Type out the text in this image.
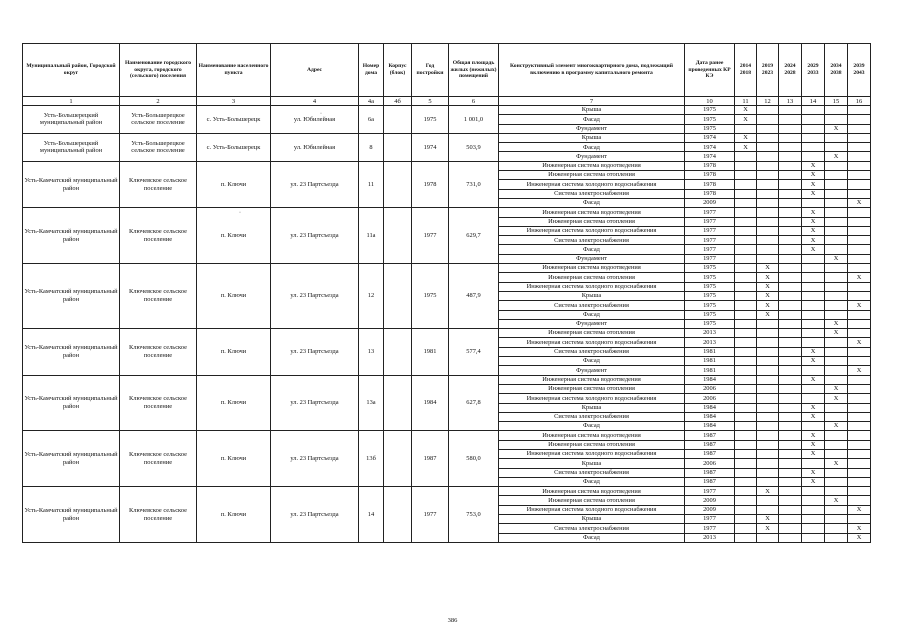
Муниципальный район, Городской округ	Наименование городского округа, городского (сельского) поселения	Наименование населенного пункта	Адрес	Номер дома	Корпус (блок)	Год постройки	Общая площадь жилых (нежилых) помещений	Конструктивный элемент многоквартирного дома, подлежащий включению в программу капитального ремонта	Дата ранее проведенных КР КЭ	2014 2018	2019 2023	2024 2028	2029 2033	2034 2038	2039 2043
1	2	3	4	4а	4б	5	6	7	10	11	12	13	14	15	16
Усть-Большерецкий муниципальный район	Усть-Большерецкое сельское поселение	с. Усть-Большерецк	ул. Юбилейная	6а		1975	1 001,0	Крыша	1975	X					
								Фасад	1975	X					
								Фундамент	1975					X	
Усть-Большерецкий муниципальный район	Усть-Большерецкое сельское поселение	с. Усть-Большерецк	ул. Юбилейная	8		1974	503,9	Крыша	1974	X					
								Фасад	1974	X					
								Фундамент	1974					X	
Усть-Камчатский муниципальный район	Ключевское сельское поселение	п. Ключи	ул. 23 Партсъезда	11		1978	731,0	Инженерная система водоотведения	1978				X		
								Инженерная система отопления	1978				X		
								Инженерная система холодного водоснабжения	1978				X		
								Система электроснабжения	1978				X		
								Фасад	2009						X
Усть-Камчатский муниципальный район	Ключевское сельское поселение	п. Ключи	ул. 23 Партсъезда	11а		1977	629,7	Инженерная система водоотведения	1977				X		
								Инженерная система отопления	1977				X		
								Инженерная система холодного водоснабжения	1977				X		
								Система электроснабжения	1977				X		
								Фасад	1977				X		
								Фундамент	1977					X	
Усть-Камчатский муниципальный район	Ключевское сельское поселение	п. Ключи	ул. 23 Партсъезда	12		1975	487,9	Инженерная система водоотведения	1975		X				
								Инженерная система отопления	1975		X				X
								Инженерная система холодного водоснабжения	1975		X				
								Крыша	1975		X				
								Система электроснабжения	1975		X				X
								Фасад	1975		X				
								Фундамент	1975					X	
Усть-Камчатский муниципальный район	Ключевское сельское поселение	п. Ключи	ул. 23 Партсъезда	13		1981	577,4	Инженерная система отопления	2013					X	
								Инженерная система холодного водоснабжения	2013						X
								Система электроснабжения	1981				X		
								Фасад	1981				X		
								Фундамент	1981						X
Усть-Камчатский муниципальный район	Ключевское сельское поселение	п. Ключи	ул. 23 Партсъезда	13а		1984	627,8	Инженерная система водоотведения	1984				X		
								Инженерная система отопления	2006					X	
								Инженерная система холодного водоснабжения	2006					X	
								Крыша	1984				X		
								Система электроснабжения	1984				X		
								Фасад	1984					X	
Усть-Камчатский муниципальный район	Ключевское сельское поселение	п. Ключи	ул. 23 Партсъезда	13б		1987	580,0	Инженерная система водоотведения	1987				X		
								Инженерная система отопления	1987				X		
								Инженерная система холодного водоснабжения	1987				X		
								Крыша	2006					X	
								Система электроснабжения	1987				X		
								Фасад	1987				X		
Усть-Камчатский муниципальный район	Ключевское сельское поселение	п. Ключи	ул. 23 Партсъезда	14		1977	753,0	Инженерная система водоотведения	1977		X				
								Инженерная система отопления	2009					X	
								Инженерная система холодного водоснабжения	2009						X
								Крыша	1977		X				
								Система электроснабжения	1977		X				X
								Фасад	2013						X
·
·
386
